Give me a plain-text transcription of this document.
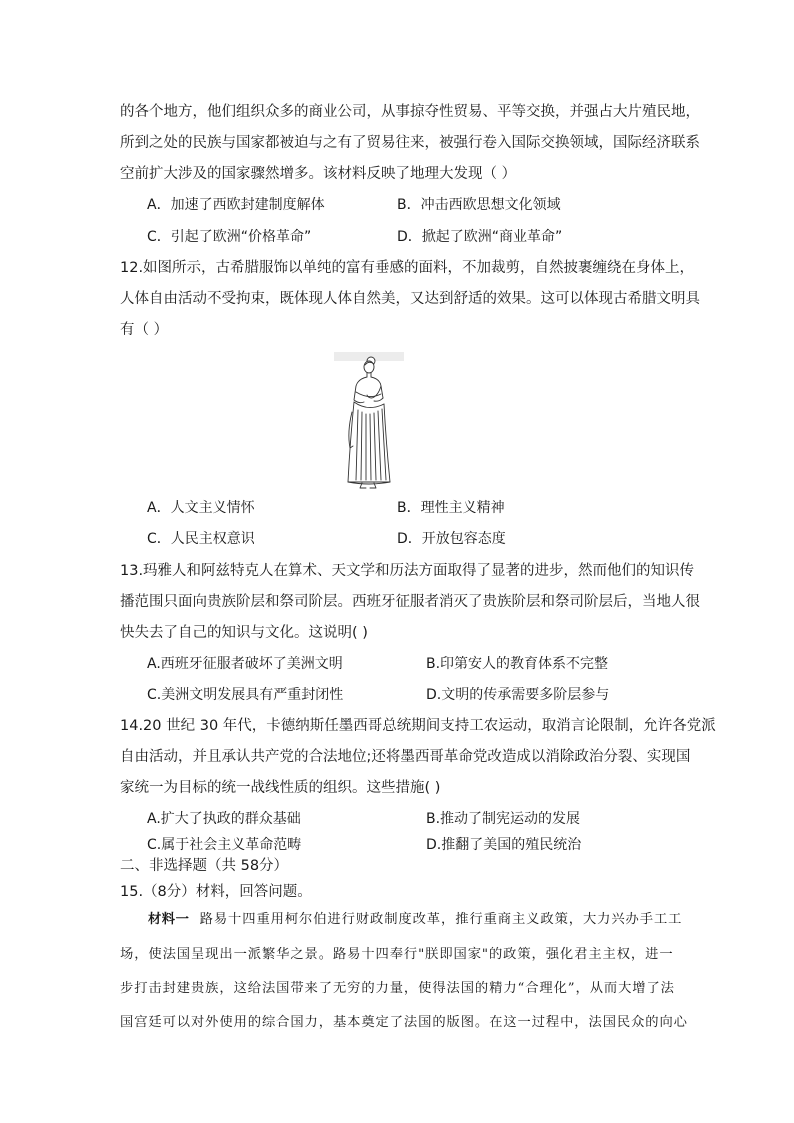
的各个地方，他们组织众多的商业公司，从事掠夺性贸易、平等交换，并强占大片殖民地，
所到之处的民族与国家都被迫与之有了贸易往来，被强行卷入国际交换领域，国际经济联系
空前扩大涉及的国家骤然增多。该材料反映了地理大发现（ ）
A．加速了西欧封建制度解体	B．冲击西欧思想文化领域
C．引起了欧洲“价格革命”	D．掀起了欧洲“商业革命”
12.如图所示，古希腊服饰以单纯的富有垂感的面料，不加裁剪，自然披裹缠绕在身体上，
人体自由活动不受拘束，既体现人体自然美，又达到舒适的效果。这可以体现古希腊文明具
有（ ）
A．人文主义情怀	B．理性主义精神
C．人民主权意识	D．开放包容态度
13.玛雅人和阿兹特克人在算术、天文学和历法方面取得了显著的进步，然而他们的知识传
播范围只面向贵族阶层和祭司阶层。西班牙征服者消灭了贵族阶层和祭司阶层后，当地人很
快失去了自己的知识与文化。这说明( )
A.西班牙征服者破坏了美洲文明	B.印第安人的教育体系不完整
C.美洲文明发展具有严重封闭性	D.文明的传承需要多阶层参与
14.20 世纪 30 年代，卡德纳斯任墨西哥总统期间支持工农运动，取消言论限制，允许各党派
自由活动，并且承认共产党的合法地位;还将墨西哥革命党改造成以消除政治分裂、实现国
家统一为目标的统一战线性质的组织。这些措施( )
A.扩大了执政的群众基础	B.推动了制宪运动的发展
C.属于社会主义革命范畴	D.推翻了美国的殖民统治
二、非选择题（共 58分）
15.（8分）材料，回答问题。
材料一 路易十四重用柯尔伯进行财政制度改革，推行重商主义政策，大力兴办手工工
场，使法国呈现出一派繁华之景。路易十四奉行"朕即国家"的政策，强化君主主权，进一
步打击封建贵族，这给法国带来了无穷的力量，使得法国的精力“合理化”，从而大增了法
国宫廷可以对外使用的综合国力，基本奠定了法国的版图。在这一过程中，法国民众的向心
